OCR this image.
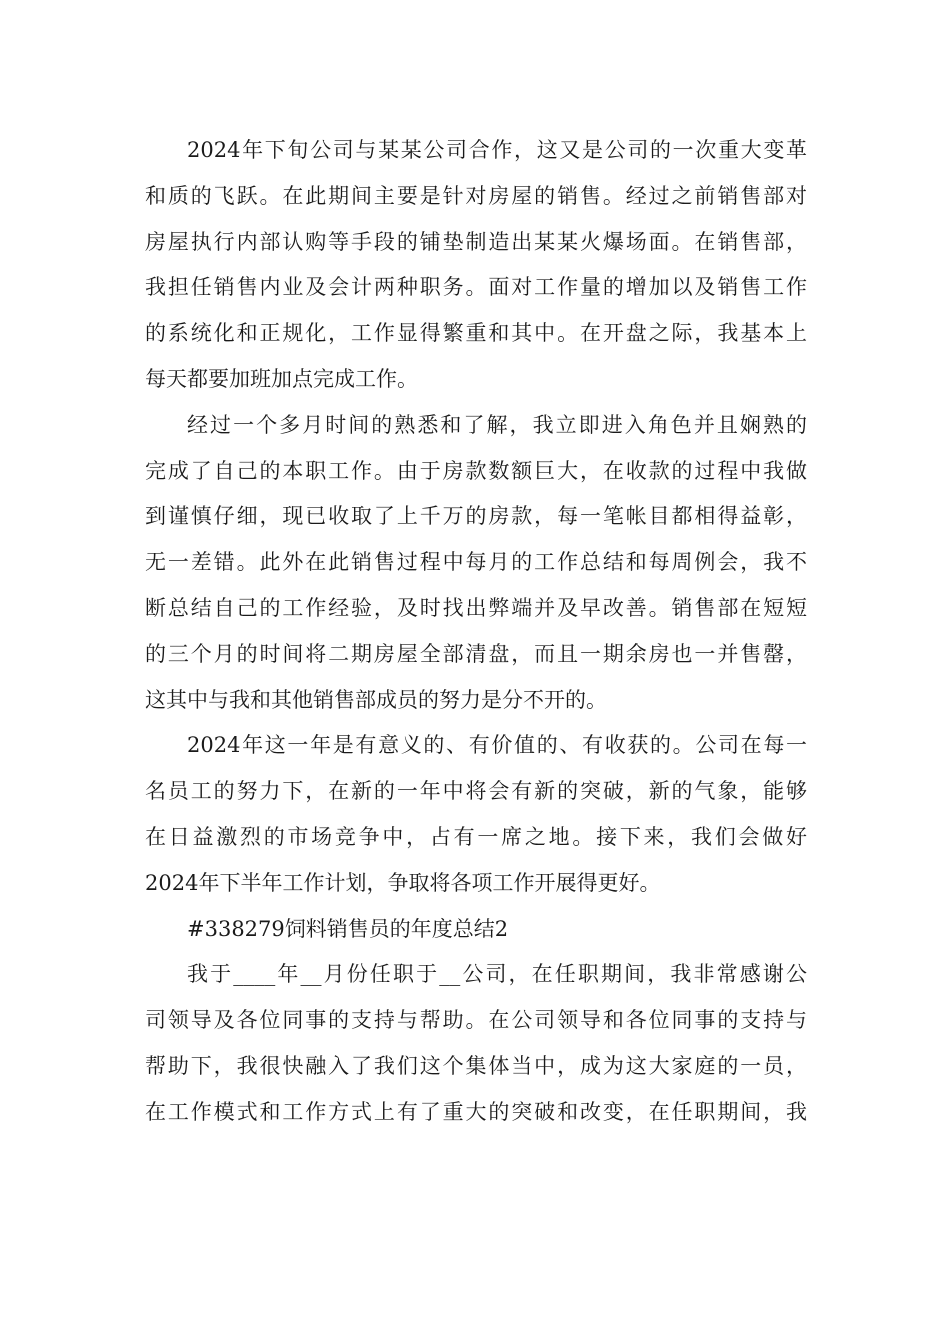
2024年下旬公司与某某公司合作，这又是公司的一次重大变革
和质的飞跃。在此期间主要是针对房屋的销售。经过之前销售部对
房屋执行内部认购等手段的铺垫制造出某某火爆场面。在销售部，
我担任销售内业及会计两种职务。面对工作量的增加以及销售工作
的系统化和正规化，工作显得繁重和其中。在开盘之际，我基本上
每天都要加班加点完成工作。
经过一个多月时间的熟悉和了解，我立即进入角色并且娴熟的
完成了自己的本职工作。由于房款数额巨大，在收款的过程中我做
到谨慎仔细，现已收取了上千万的房款，每一笔帐目都相得益彰，
无一差错。此外在此销售过程中每月的工作总结和每周例会，我不
断总结自己的工作经验，及时找出弊端并及早改善。销售部在短短
的三个月的时间将二期房屋全部清盘，而且一期余房也一并售罄，
这其中与我和其他销售部成员的努力是分不开的。
2024年这一年是有意义的、有价值的、有收获的。公司在每一
名员工的努力下，在新的一年中将会有新的突破，新的气象，能够
在日益激烈的市场竞争中，占有一席之地。接下来，我们会做好
2024年下半年工作计划，争取将各项工作开展得更好。
#338279饲料销售员的年度总结2
我于____年__月份任职于__公司，在任职期间，我非常感谢公
司领导及各位同事的支持与帮助。在公司领导和各位同事的支持与
帮助下，我很快融入了我们这个集体当中，成为这大家庭的一员，
在工作模式和工作方式上有了重大的突破和改变，在任职期间，我
